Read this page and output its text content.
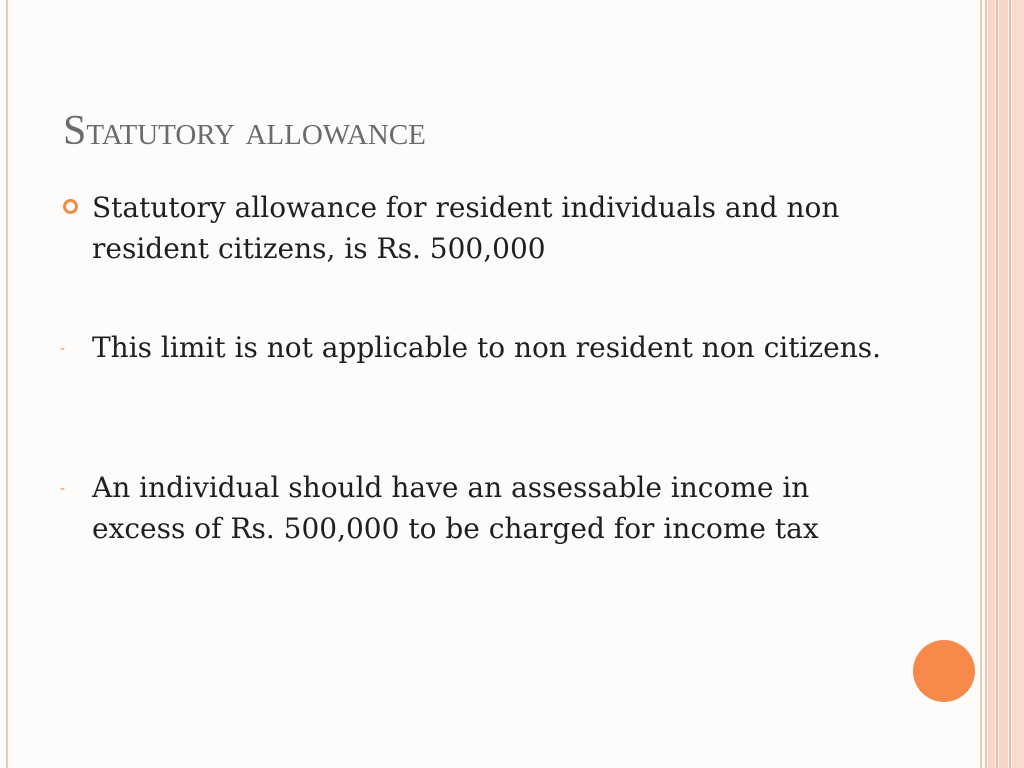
Statutory allowance

Statutory allowance for resident individuals and non resident citizens, is Rs. 500,000

- This limit is not applicable to non resident non citizens.

- An individual should have an assessable income in excess of Rs. 500,000 to be charged for income tax
